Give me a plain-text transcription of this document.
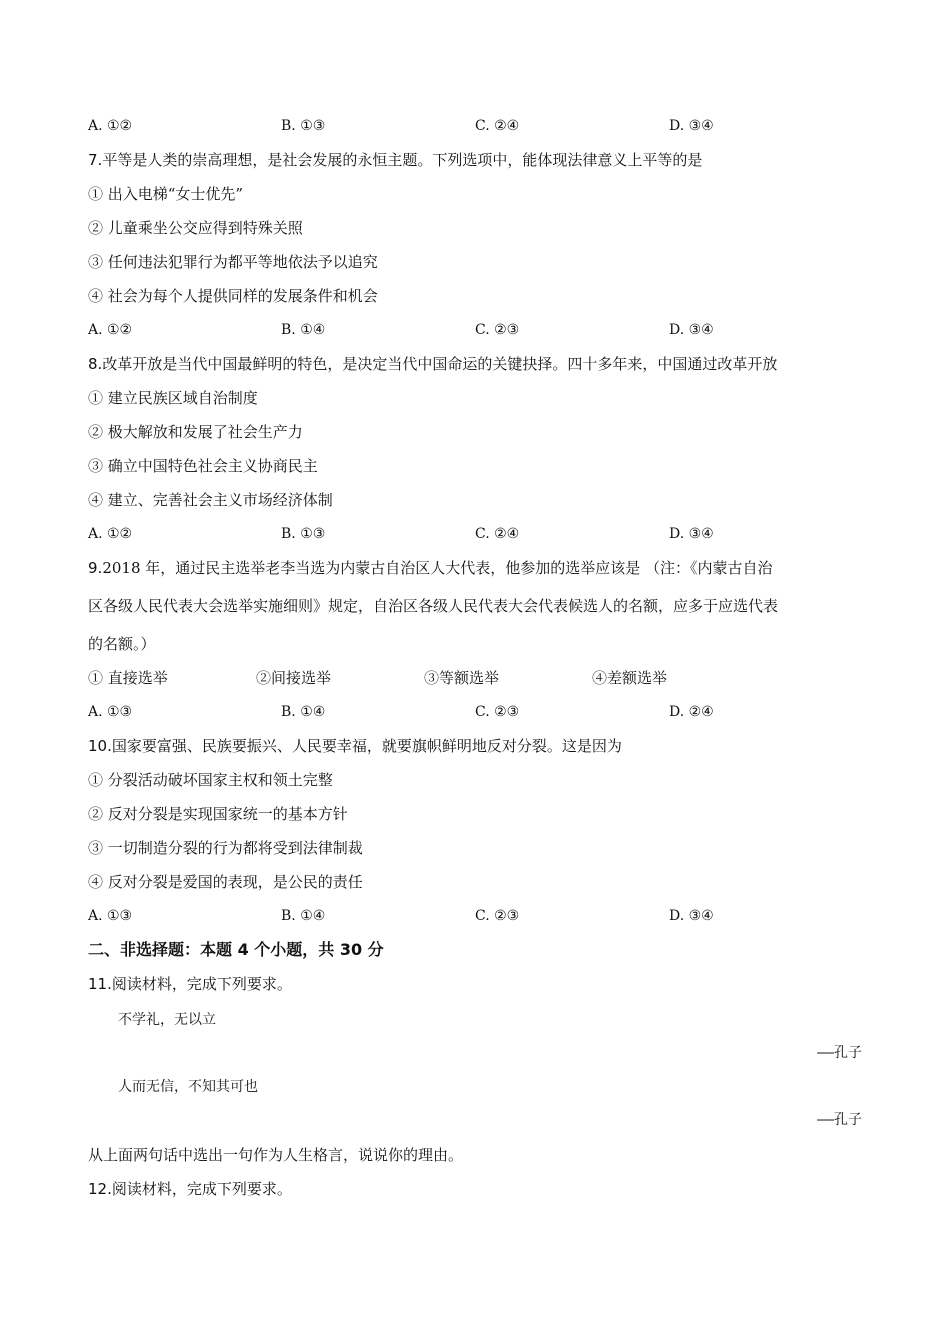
A. ①②	B. ①③	C. ②④	D. ③④
7.平等是人类的崇高理想，是社会发展的永恒主题。下列选项中，能体现法律意义上平等的是
① 出入电梯“女士优先”
② 儿童乘坐公交应得到特殊关照
③ 任何违法犯罪行为都平等地依法予以追究
④ 社会为每个人提供同样的发展条件和机会
A. ①②	B. ①④	C. ②③	D. ③④
8.改革开放是当代中国最鲜明的特色，是决定当代中国命运的关键抉择。四十多年来，中国通过改革开放
① 建立民族区域自治制度
② 极大解放和发展了社会生产力
③ 确立中国特色社会主义协商民主
④ 建立、完善社会主义市场经济体制
A. ①②	B. ①③	C. ②④	D. ③④
9.2018 年，通过民主选举老李当选为内蒙古自治区人大代表，他参加的选举应该是 （注：《内蒙古自治
区各级人民代表大会选举实施细则》规定，自治区各级人民代表大会代表候选人的名额，应多于应选代表
的名额。）
① 直接选举	②间接选举	③等额选举	④差额选举
A. ①③	B. ①④	C. ②③	D. ②④
10.国家要富强、民族要振兴、人民要幸福，就要旗帜鲜明地反对分裂。这是因为
① 分裂活动破坏国家主权和领土完整
② 反对分裂是实现国家统一的基本方针
③ 一切制造分裂的行为都将受到法律制裁
④ 反对分裂是爱国的表现，是公民的责任
A. ①③	B. ①④	C. ②③	D. ③④
二、非选择题：本题 4 个小题，共 30 分
11.阅读材料，完成下列要求。
不学礼，无以立
——孔子
人而无信，不知其可也
——孔子
从上面两句话中选出一句作为人生格言，说说你的理由。
12.阅读材料，完成下列要求。
